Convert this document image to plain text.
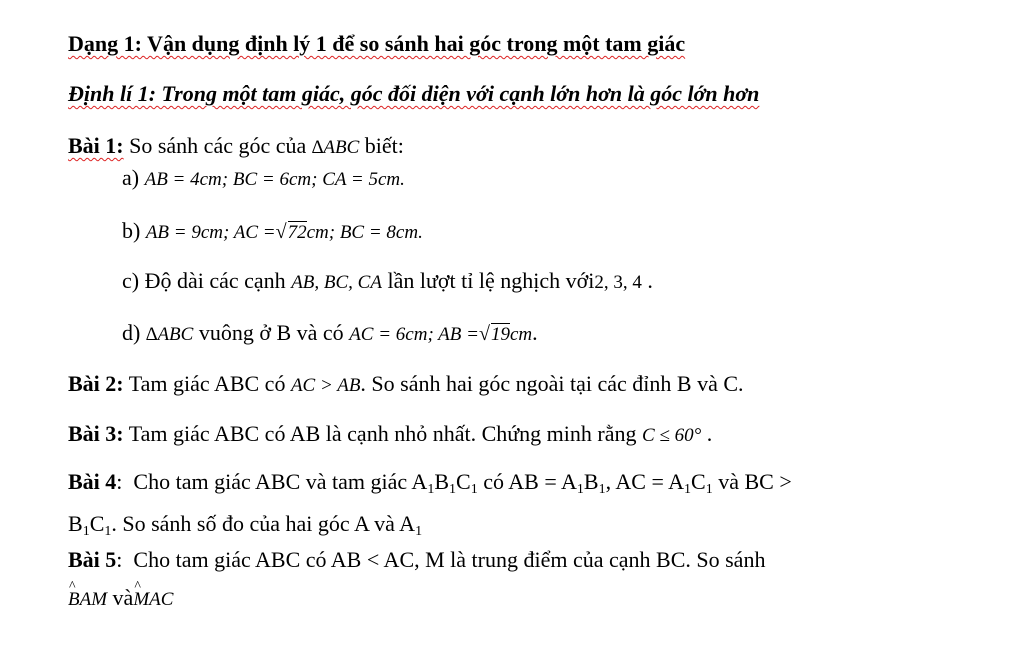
Dạng 1: Vận dụng định lý 1 để so sánh hai góc trong một tam giác
Định lí 1: Trong một tam giác, góc đối diện với cạnh lớn hơn là góc lớn hơn
Bài 1: So sánh các góc của ∆ABC biết:
a) AB = 4cm; BC = 6cm; CA = 5cm.
b) AB = 9cm; AC =√72cm; BC = 8cm.
c) Độ dài các cạnh AB, BC, CA lần lượt tỉ lệ nghịch với2, 3, 4 .
d) ∆ABC vuông ở B và có AC = 6cm; AB =√19cm.
Bài 2: Tam giác ABC có AC > AB. So sánh hai góc ngoài tại các đỉnh B và C.
Bài 3: Tam giác ABC có AB là cạnh nhỏ nhất. Chứng minh rằng C ≤ 60° .
Bài 4: Cho tam giác ABC và tam giác $A_1B_1C_1$ có AB = $A_1B_1$, AC = $A_1C_1$ và BC >
$B_1C_1$. So sánh số đo của hai góc A và $A_1$
Bài 5: Cho tam giác ABC có AB < AC, M là trung điểm của cạnh BC. So sánh
^ BAM và^ MAC
